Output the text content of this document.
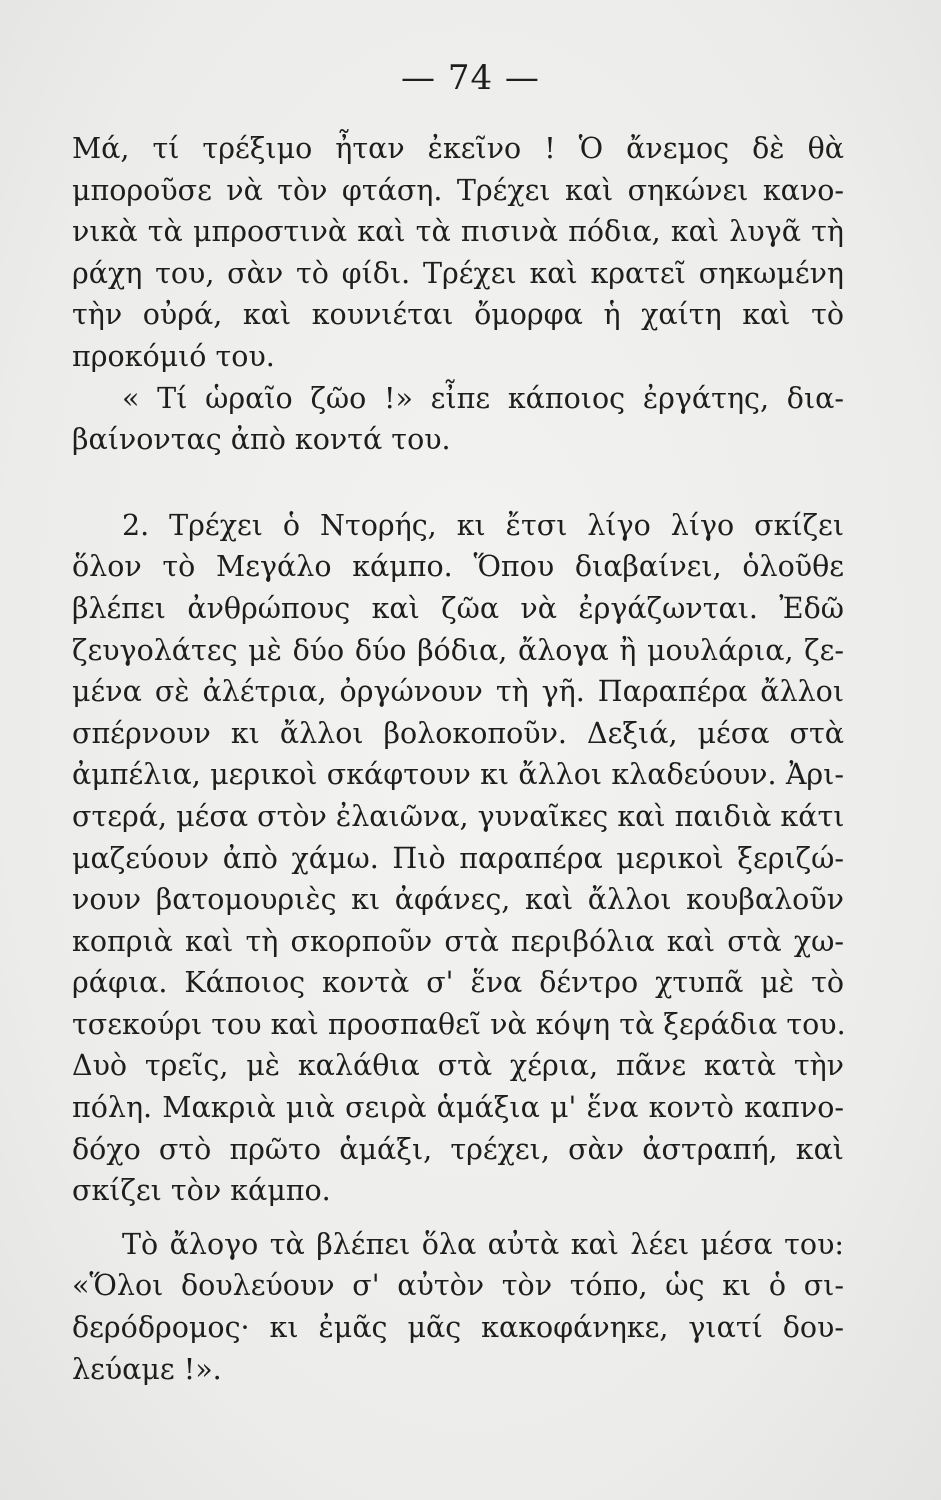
— 74 —
Μά, τί τρέξιμο ἦταν ἐκεῖνο ! Ὁ ἄνεμος δὲ θὰ
μποροῦσε νὰ τὸν φτάση. Τρέχει καὶ σηκώνει κανο-
νικὰ τὰ μπροστινὰ καὶ τὰ πισινὰ πόδια, καὶ λυγᾶ τὴ
ράχη του, σὰν τὸ φίδι. Τρέχει καὶ κρατεῖ σηκωμένη
τὴν οὐρά, καὶ κουνιέται ὄμορφα ἡ χαίτη καὶ τὸ
προκόμιό του.
« Τί ὡραῖο ζῶο !» εἶπε κάποιος ἐργάτης, δια-
βαίνοντας ἀπὸ κοντά του.
2. Τρέχει ὁ Ντορής, κι ἔτσι λίγο λίγο σκίζει
ὅλον τὸ Μεγάλο κάμπο. Ὅπου διαβαίνει, ὁλοῦθε
βλέπει ἀνθρώπους καὶ ζῶα νὰ ἐργάζωνται. Ἐδῶ
ζευγολάτες μὲ δύο δύο βόδια, ἄλογα ἢ μουλάρια, ζε-
μένα σὲ ἀλέτρια, ὀργώνουν τὴ γῆ. Παραπέρα ἄλλοι
σπέρνουν κι ἄλλοι βολοκοποῦν. Δεξιά, μέσα στὰ
ἀμπέλια, μερικοὶ σκάφτουν κι ἄλλοι κλαδεύουν. Ἀρι-
στερά, μέσα στὸν ἐλαιῶνα, γυναῖκες καὶ παιδιὰ κάτι
μαζεύουν ἀπὸ χάμω. Πιὸ παραπέρα μερικοὶ ξεριζώ-
νουν βατομουριὲς κι ἀφάνες, καὶ ἄλλοι κουβαλοῦν
κοπριὰ καὶ τὴ σκορποῦν στὰ περιβόλια καὶ στὰ χω-
ράφια. Κάποιος κοντὰ σ' ἕνα δέντρο χτυπᾶ μὲ τὸ
τσεκούρι του καὶ προσπαθεῖ νὰ κόψη τὰ ξεράδια του.
Δυὸ τρεῖς, μὲ καλάθια στὰ χέρια, πᾶνε κατὰ τὴν
πόλη. Μακριὰ μιὰ σειρὰ ἁμάξια μ' ἕνα κοντὸ καπνο-
δόχο στὸ πρῶτο ἁμάξι, τρέχει, σὰν ἀστραπή, καὶ
σκίζει τὸν κάμπο.
Τὸ ἄλογο τὰ βλέπει ὅλα αὐτὰ καὶ λέει μέσα του:
«Ὅλοι δουλεύουν σ' αὐτὸν τὸν τόπο, ὡς κι ὁ σι-
δερόδρομος· κι ἐμᾶς μᾶς κακοφάνηκε, γιατί δου-
λεύαμε !».
